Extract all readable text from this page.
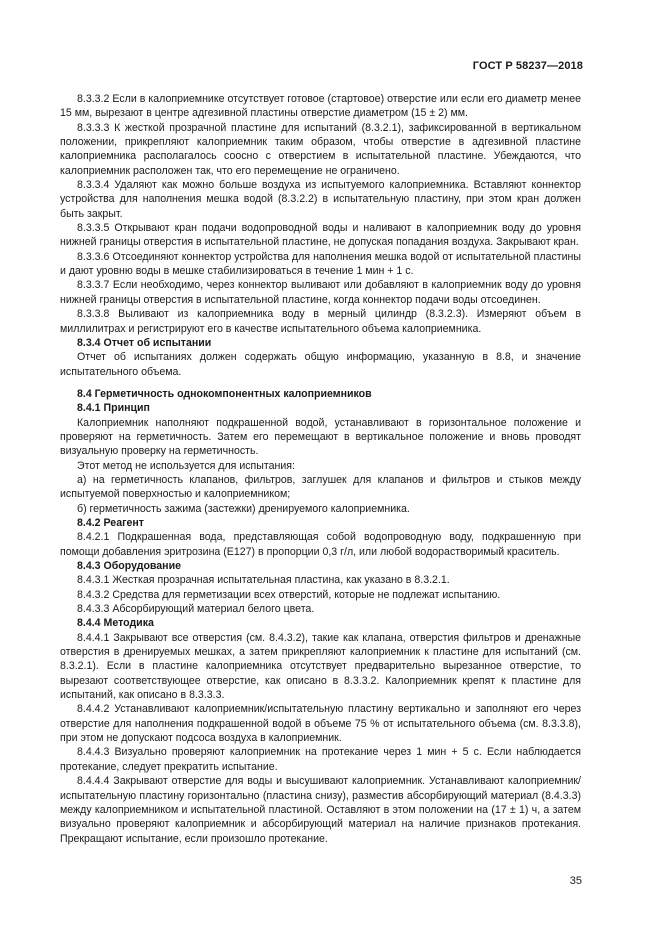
ГОСТ Р 58237—2018

8.3.3.2 Если в калоприемнике отсутствует готовое (стартовое) отверстие или если его диаметр менее 15 мм, вырезают в центре адгезивной пластины отверстие диаметром (15 ± 2) мм.

8.3.3.3 К жесткой прозрачной пластине для испытаний (8.3.2.1), зафиксированной в вертикальном положении, прикрепляют калоприемник таким образом, чтобы отверстие в адгезивной пластине калоприемника располагалось соосно с отверстием в испытательной пластине. Убеждаются, что калоприемник расположен так, что его перемещение не ограничено.

8.3.3.4 Удаляют как можно больше воздуха из испытуемого калоприемника. Вставляют коннектор устройства для наполнения мешка водой (8.3.2.2) в испытательную пластину, при этом кран должен быть закрыт.

8.3.3.5 Открывают кран подачи водопроводной воды и наливают в калоприемник воду до уровня нижней границы отверстия в испытательной пластине, не допуская попадания воздуха. Закрывают кран.

8.3.3.6 Отсоединяют коннектор устройства для наполнения мешка водой от испытательной пластины и дают уровню воды в мешке стабилизироваться в течение 1 мин + 1 с.

8.3.3.7 Если необходимо, через коннектор выливают или добавляют в калоприемник воду до уровня нижней границы отверстия в испытательной пластине, когда коннектор подачи воды отсоединен.

8.3.3.8 Выливают из калоприемника воду в мерный цилиндр (8.3.2.3). Измеряют объем в миллилитрах и регистрируют его в качестве испытательного объема калоприемника.

8.3.4 Отчет об испытании

Отчет об испытаниях должен содержать общую информацию, указанную в 8.8, и значение испытательного объема.

8.4 Герметичность однокомпонентных калоприемников

8.4.1 Принцип

Калоприемник наполняют подкрашенной водой, устанавливают в горизонтальное положение и проверяют на герметичность. Затем его перемещают в вертикальное положение и вновь проводят визуальную проверку на герметичность.

Этот метод не используется для испытания:

а) на герметичность клапанов, фильтров, заглушек для клапанов и фильтров и стыков между испытуемой поверхностью и калоприемником;

б) герметичность зажима (застежки) дренируемого калоприемника.

8.4.2 Реагент

8.4.2.1 Подкрашенная вода, представляющая собой водопроводную воду, подкрашенную при помощи добавления эритрозина (Е127) в пропорции 0,3 г/л, или любой водорастворимый краситель.

8.4.3 Оборудование

8.4.3.1 Жесткая прозрачная испытательная пластина, как указано в 8.3.2.1.

8.4.3.2 Средства для герметизации всех отверстий, которые не подлежат испытанию.

8.4.3.3 Абсорбирующий материал белого цвета.

8.4.4 Методика

8.4.4.1 Закрывают все отверстия (см. 8.4.3.2), такие как клапана, отверстия фильтров и дренажные отверстия в дренируемых мешках, а затем прикрепляют калоприемник к пластине для испытаний (см. 8.3.2.1). Если в пластине калоприемника отсутствует предварительно вырезанное отверстие, то вырезают соответствующее отверстие, как описано в 8.3.3.2. Калоприемник крепят к пластине для испытаний, как описано в 8.3.3.3.

8.4.4.2 Устанавливают калоприемник/испытательную пластину вертикально и заполняют его через отверстие для наполнения подкрашенной водой в объеме 75 % от испытательного объема (см. 8.3.3.8), при этом не допускают подсоса воздуха в калоприемник.

8.4.4.3 Визуально проверяют калоприемник на протекание через 1 мин + 5 с. Если наблюдается протекание, следует прекратить испытание.

8.4.4.4 Закрывают отверстие для воды и высушивают калоприемник. Устанавливают калоприемник/испытательную пластину горизонтально (пластина снизу), разместив абсорбирующий материал (8.4.3.3) между калоприемником и испытательной пластиной. Оставляют в этом положении на (17 ± 1) ч, а затем визуально проверяют калоприемник и абсорбирующий материал на наличие признаков протекания. Прекращают испытание, если произошло протекание.

35
